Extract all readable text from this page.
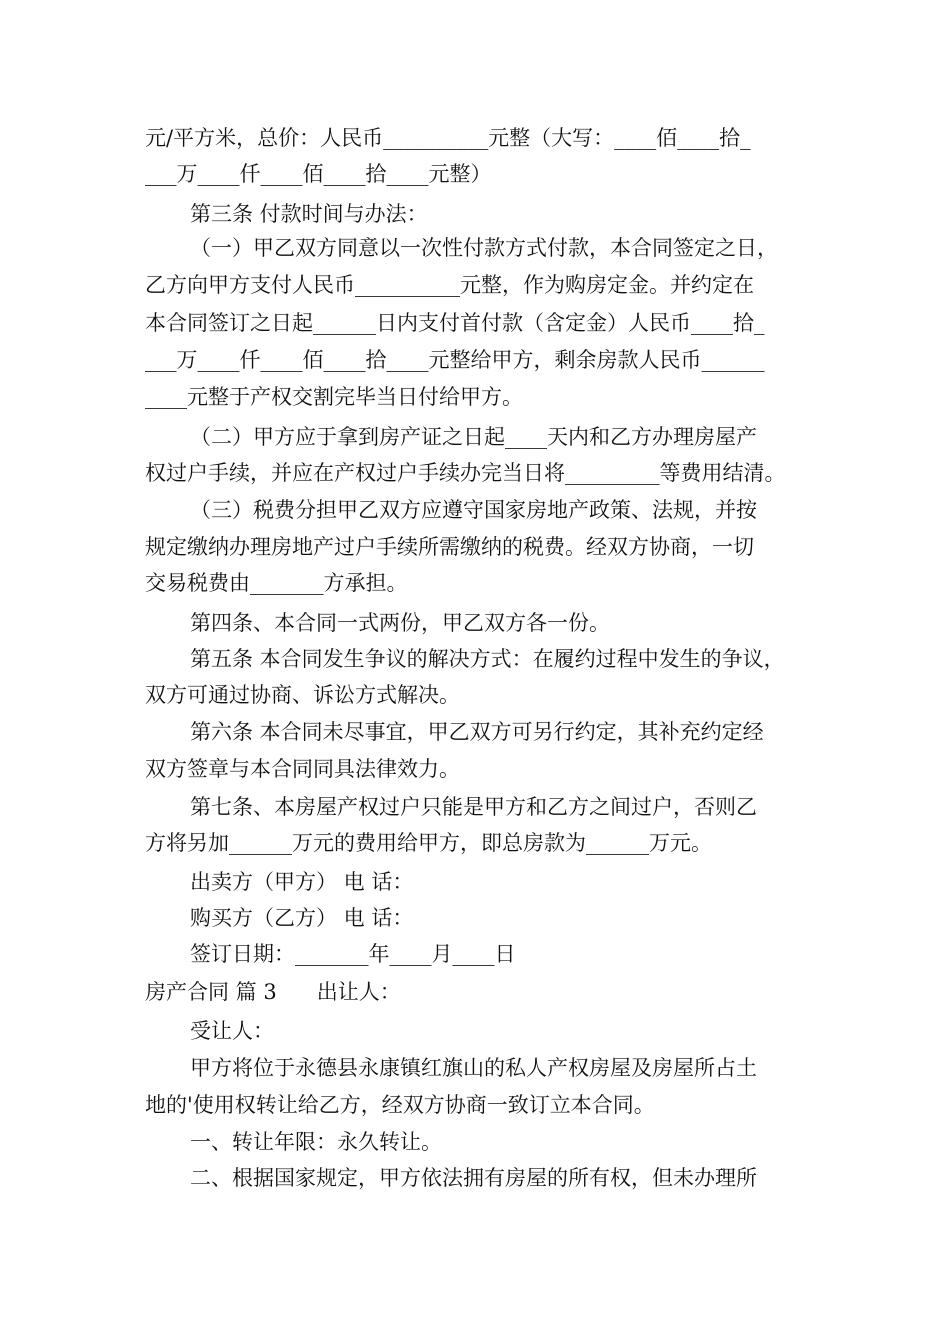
元/平方米，总价：人民币__________元整（大写：____佰____拾_
___万____仟____佰____拾____元整）
第三条 付款时间与办法：
（一）甲乙双方同意以一次性付款方式付款，本合同签定之日，
乙方向甲方支付人民币__________元整，作为购房定金。并约定在
本合同签订之日起______日内支付首付款（含定金）人民币____拾_
___万____仟____佰____拾____元整给甲方，剩余房款人民币______
____元整于产权交割完毕当日付给甲方。
（二）甲方应于拿到房产证之日起____天内和乙方办理房屋产
权过户手续，并应在产权过户手续办完当日将_________等费用结清。
（三）税费分担甲乙双方应遵守国家房地产政策、法规，并按
规定缴纳办理房地产过户手续所需缴纳的税费。经双方协商，一切
交易税费由_______方承担。
第四条、本合同一式两份，甲乙双方各一份。
第五条 本合同发生争议的解决方式：在履约过程中发生的争议，
双方可通过协商、诉讼方式解决。
第六条 本合同未尽事宜，甲乙双方可另行约定，其补充约定经
双方签章与本合同同具法律效力。
第七条、本房屋产权过户只能是甲方和乙方之间过户，否则乙
方将另加______万元的费用给甲方，即总房款为______万元。
出卖方（甲方） 电 话：
购买方（乙方） 电 话：
签订日期：_______年____月____日
房产合同 篇 3      出让人：
受让人：
甲方将位于永德县永康镇红旗山的私人产权房屋及房屋所占土
地的'使用权转让给乙方，经双方协商一致订立本合同。
一、转让年限：永久转让。
二、根据国家规定，甲方依法拥有房屋的所有权，但未办理所
